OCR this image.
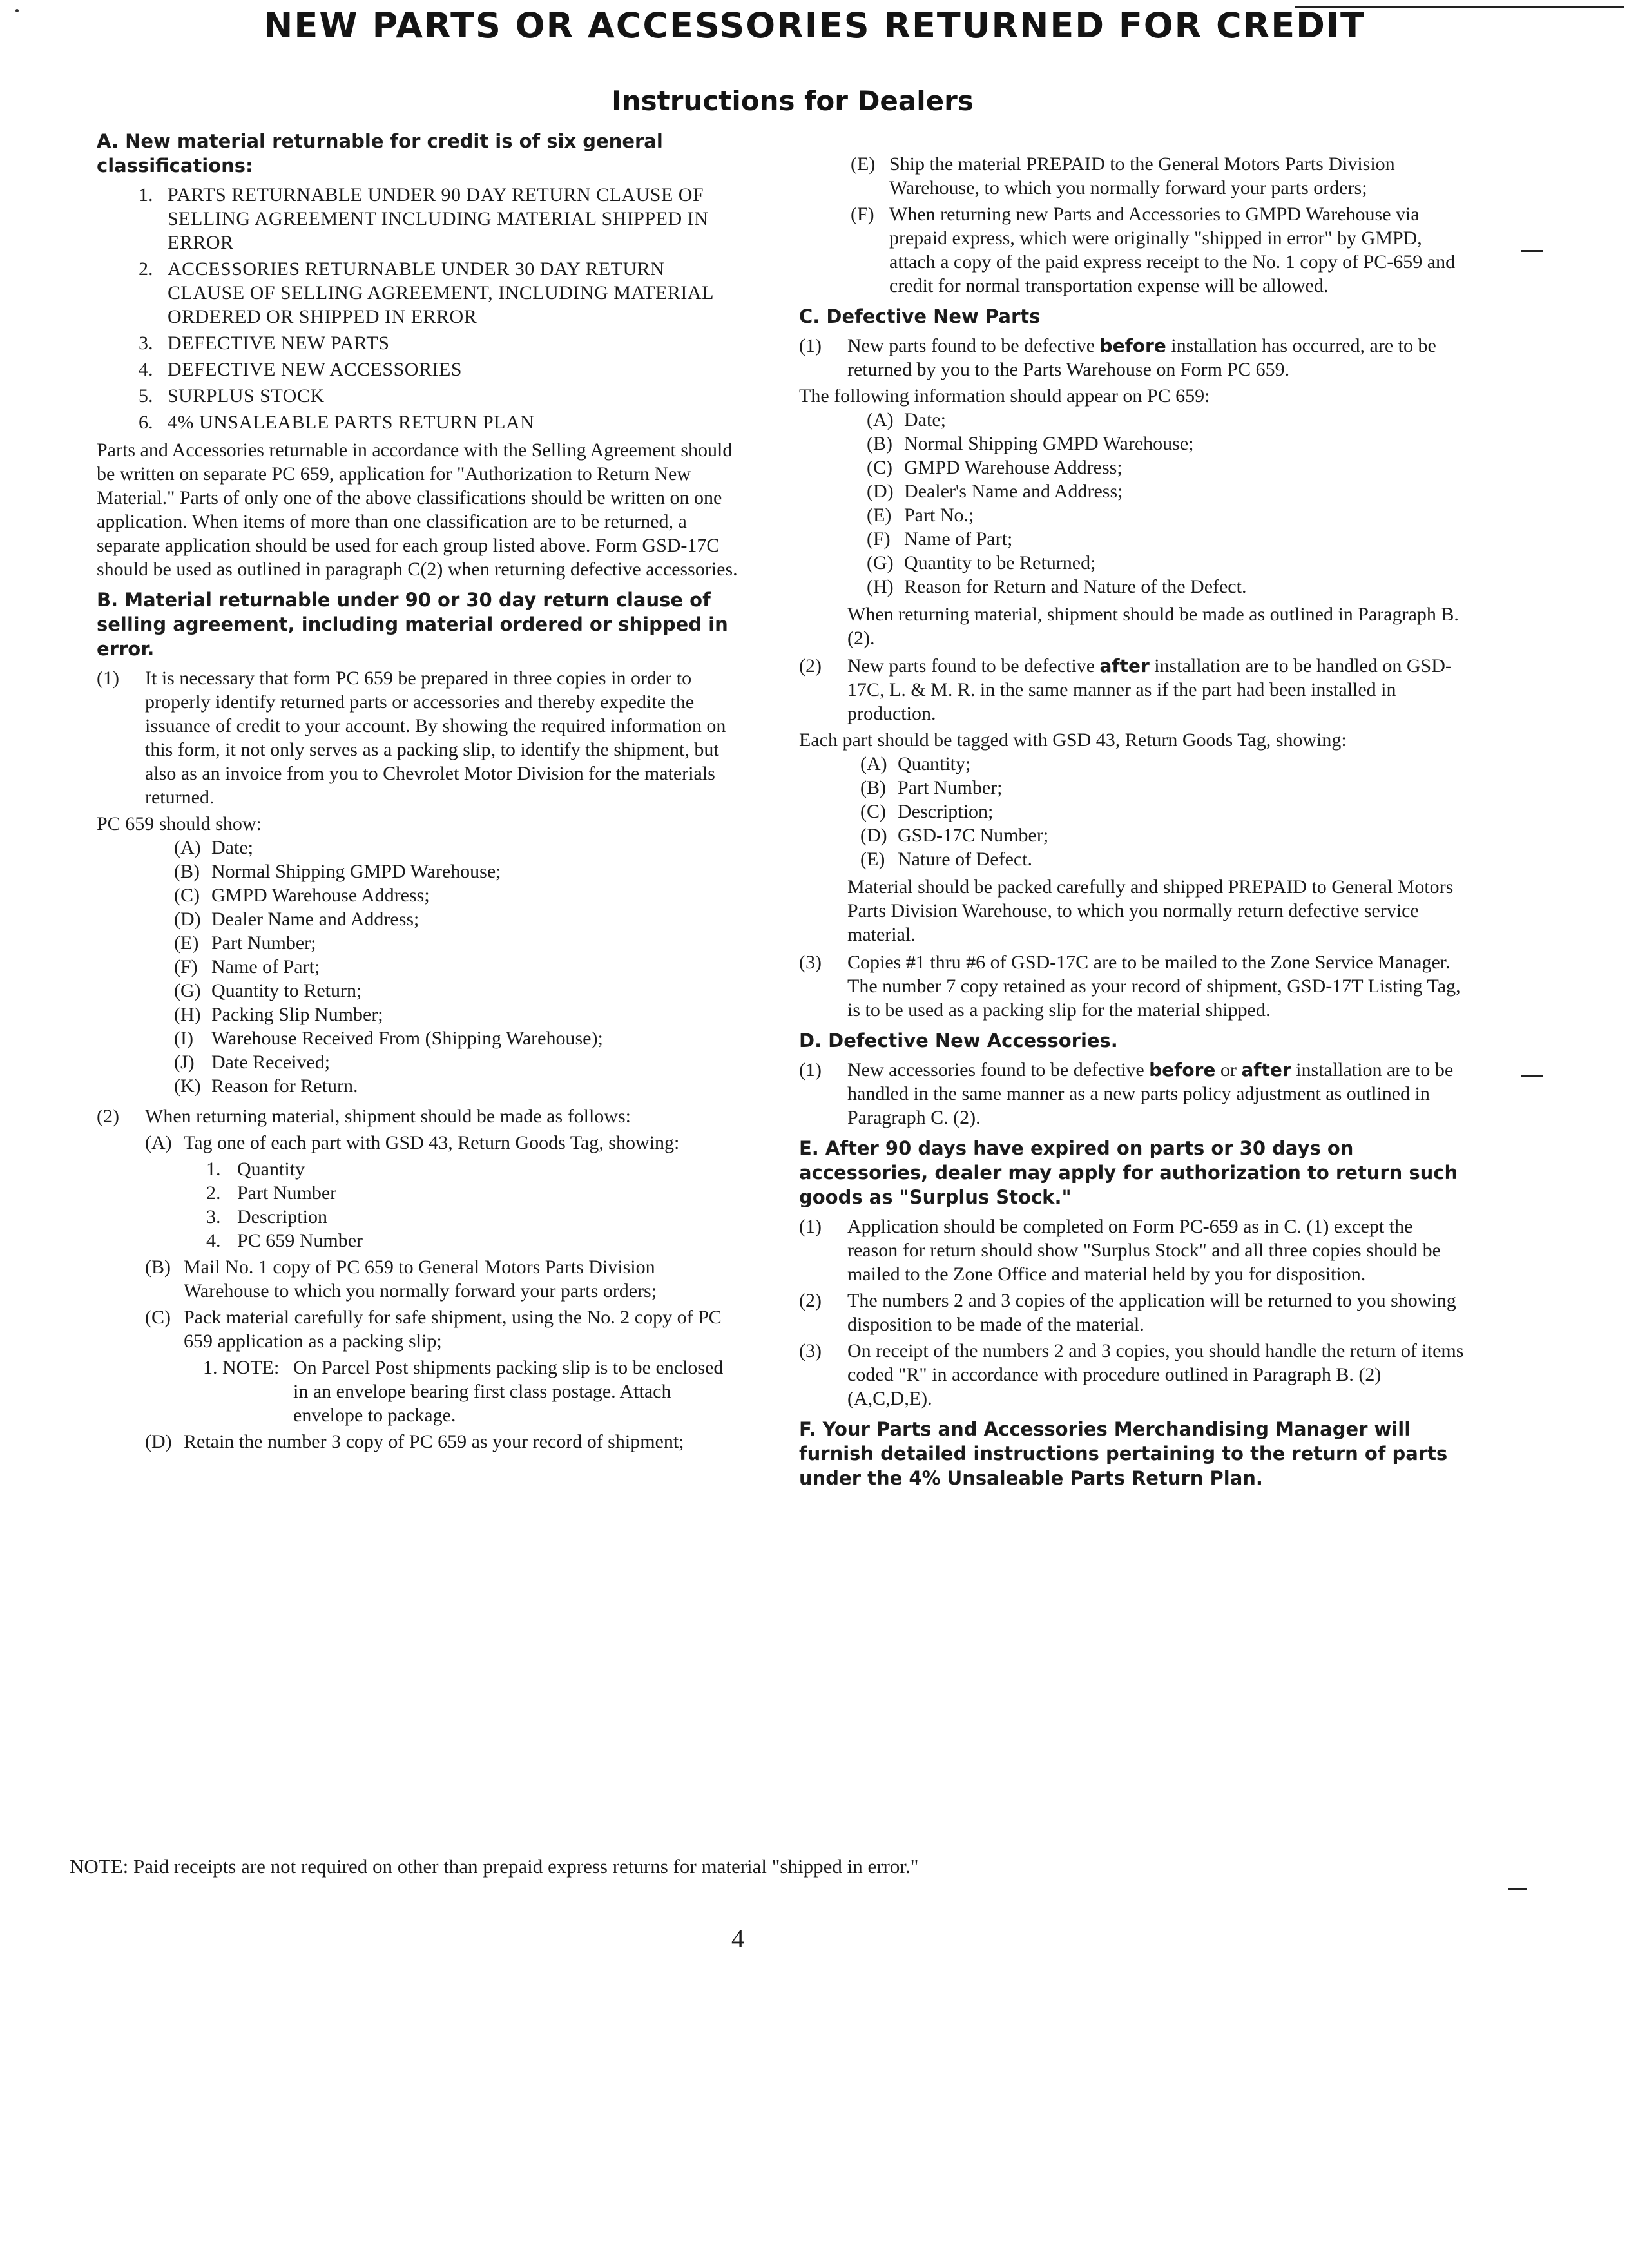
NEW PARTS OR ACCESSORIES RETURNED FOR CREDIT
Instructions for Dealers
A. New material returnable for credit is of six general classifications:
1. PARTS RETURNABLE UNDER 90 DAY RETURN CLAUSE OF SELLING AGREEMENT INCLUDING MATERIAL SHIPPED IN ERROR
2. ACCESSORIES RETURNABLE UNDER 30 DAY RETURN CLAUSE OF SELLING AGREEMENT, INCLUDING MATERIAL ORDERED OR SHIPPED IN ERROR
3. DEFECTIVE NEW PARTS
4. DEFECTIVE NEW ACCESSORIES
5. SURPLUS STOCK
6. 4% UNSALEABLE PARTS RETURN PLAN
Parts and Accessories returnable in accordance with the Selling Agreement should be written on separate PC 659, application for "Authorization to Return New Material." Parts of only one of the above classifications should be written on one application. When items of more than one classification are to be returned, a separate application should be used for each group listed above. Form GSD-17C should be used as outlined in paragraph C(2) when returning defective accessories.
B. Material returnable under 90 or 30 day return clause of selling agreement, including material ordered or shipped in error.
(1)	It is necessary that form PC 659 be prepared in three copies in order to properly identify returned parts or accessories and thereby expedite the issuance of credit to your account. By showing the required information on this form, it not only serves as a packing slip, to identify the shipment, but also as an invoice from you to Chevrolet Motor Division for the materials returned.
PC 659 should show:
(A) Date;
(B) Normal Shipping GMPD Warehouse;
(C) GMPD Warehouse Address;
(D) Dealer Name and Address;
(E) Part Number;
(F) Name of Part;
(G) Quantity to Return;
(H) Packing Slip Number;
(I) Warehouse Received From (Shipping Warehouse);
(J) Date Received;
(K) Reason for Return.
(2)	When returning material, shipment should be made as follows:
(A) Tag one of each part with GSD 43, Return Goods Tag, showing:
1. Quantity
2. Part Number
3. Description
4. PC 659 Number
(B) Mail No. 1 copy of PC 659 to General Motors Parts Division Warehouse to which you normally forward your parts orders;
(C) Pack material carefully for safe shipment, using the No. 2 copy of PC 659 application as a packing slip;
1. NOTE: On Parcel Post shipments packing slip is to be enclosed in an envelope bearing first class postage. Attach envelope to package.
(D) Retain the number 3 copy of PC 659 as your record of shipment;
(E) Ship the material PREPAID to the General Motors Parts Division Warehouse, to which you normally forward your parts orders;
(F) When returning new Parts and Accessories to GMPD Warehouse via prepaid express, which were originally "shipped in error" by GMPD, attach a copy of the paid express receipt to the No. 1 copy of PC-659 and credit for normal transportation expense will be allowed.
C. Defective New Parts
(1)	New parts found to be defective before installation has occurred, are to be returned by you to the Parts Warehouse on Form PC 659.
The following information should appear on PC 659:
(A) Date;
(B) Normal Shipping GMPD Warehouse;
(C) GMPD Warehouse Address;
(D) Dealer's Name and Address;
(E) Part No.;
(F) Name of Part;
(G) Quantity to be Returned;
(H) Reason for Return and Nature of the Defect.
When returning material, shipment should be made as outlined in Paragraph B. (2).
(2)	New parts found to be defective after installation are to be handled on GSD-17C, L. & M. R. in the same manner as if the part had been installed in production.
Each part should be tagged with GSD 43, Return Goods Tag, showing:
(A) Quantity;
(B) Part Number;
(C) Description;
(D) GSD-17C Number;
(E) Nature of Defect.
Material should be packed carefully and shipped PREPAID to General Motors Parts Division Warehouse, to which you normally return defective service material.
(3)	Copies #1 thru #6 of GSD-17C are to be mailed to the Zone Service Manager. The number 7 copy retained as your record of shipment, GSD-17T Listing Tag, is to be used as a packing slip for the material shipped.
D. Defective New Accessories.
(1)	New accessories found to be defective before or after installation are to be handled in the same manner as a new parts policy adjustment as outlined in Paragraph C. (2).
E. After 90 days have expired on parts or 30 days on accessories, dealer may apply for authorization to return such goods as "Surplus Stock."
(1)	Application should be completed on Form PC-659 as in C. (1) except the reason for return should show "Surplus Stock" and all three copies should be mailed to the Zone Office and material held by you for disposition.
(2)	The numbers 2 and 3 copies of the application will be returned to you showing disposition to be made of the material.
(3)	On receipt of the numbers 2 and 3 copies, you should handle the return of items coded "R" in accordance with procedure outlined in Paragraph B. (2) (A,C,D,E).
F. Your Parts and Accessories Merchandising Manager will furnish detailed instructions pertaining to the return of parts under the 4% Unsaleable Parts Return Plan.
NOTE: Paid receipts are not required on other than prepaid express returns for material "shipped in error."
4
